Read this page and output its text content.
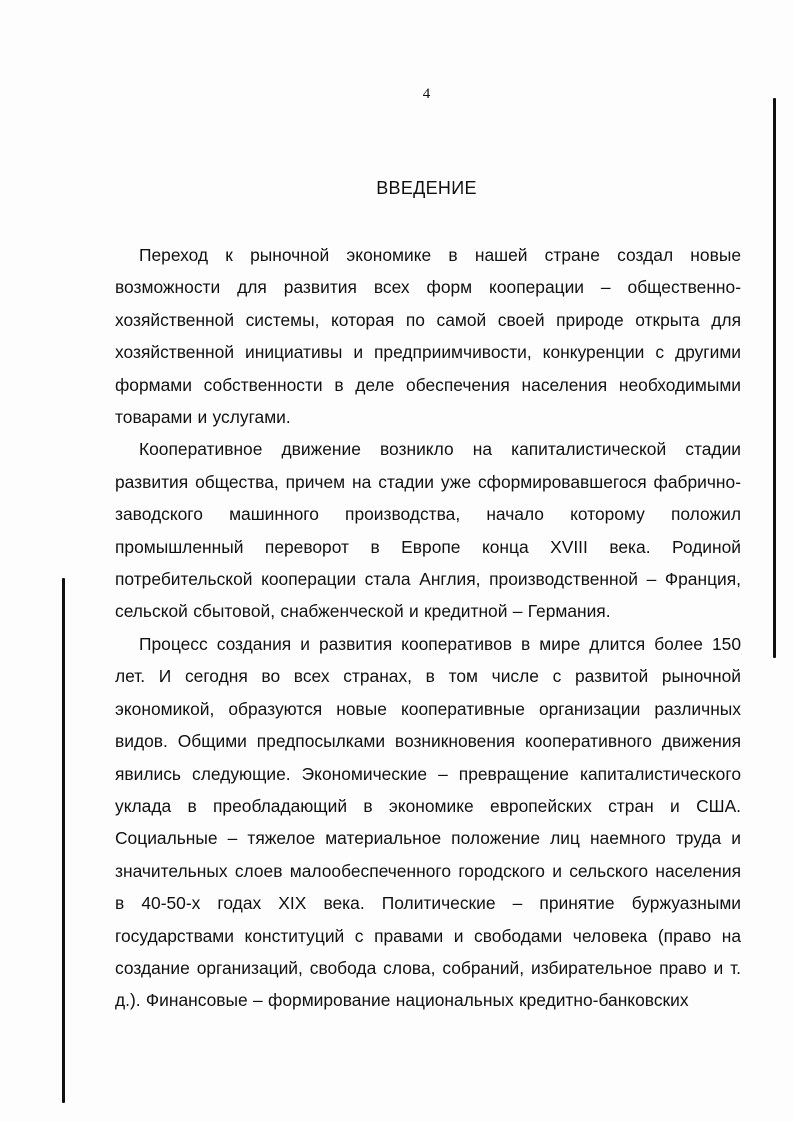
4
ВВЕДЕНИЕ

Переход к рыночной экономике в нашей стране создал новые возможности для развития всех форм кооперации – общественно-хозяйственной системы, которая по самой своей природе открыта для хозяйственной инициативы и предприимчивости, конкуренции с другими формами собственности в деле обеспечения населения необходимыми товарами и услугами.

Кооперативное движение возникло на капиталистической стадии развития общества, причем на стадии уже сформировавшегося фабрично-заводского машинного производства, начало которому положил промышленный переворот в Европе конца XVIII века. Родиной потребительской кооперации стала Англия, производственной – Франция, сельской сбытовой, снабженческой и кредитной – Германия.

Процесс создания и развития кооперативов в мире длится более 150 лет. И сегодня во всех странах, в том числе с развитой рыночной экономикой, образуются новые кооперативные организации различных видов. Общими предпосылками возникновения кооперативного движения явились следующие. Экономические – превращение капиталистического уклада в преобладающий в экономике европейских стран и США. Социальные – тяжелое материальное положение лиц наемного труда и значительных слоев малообеспеченного городского и сельского населения в 40-50-х годах XIX века. Политические – принятие буржуазными государствами конституций с правами и свободами человека (право на создание организаций, свобода слова, собраний, избирательное право и т. д.). Финансовые – формирование национальных кредитно-банковских
